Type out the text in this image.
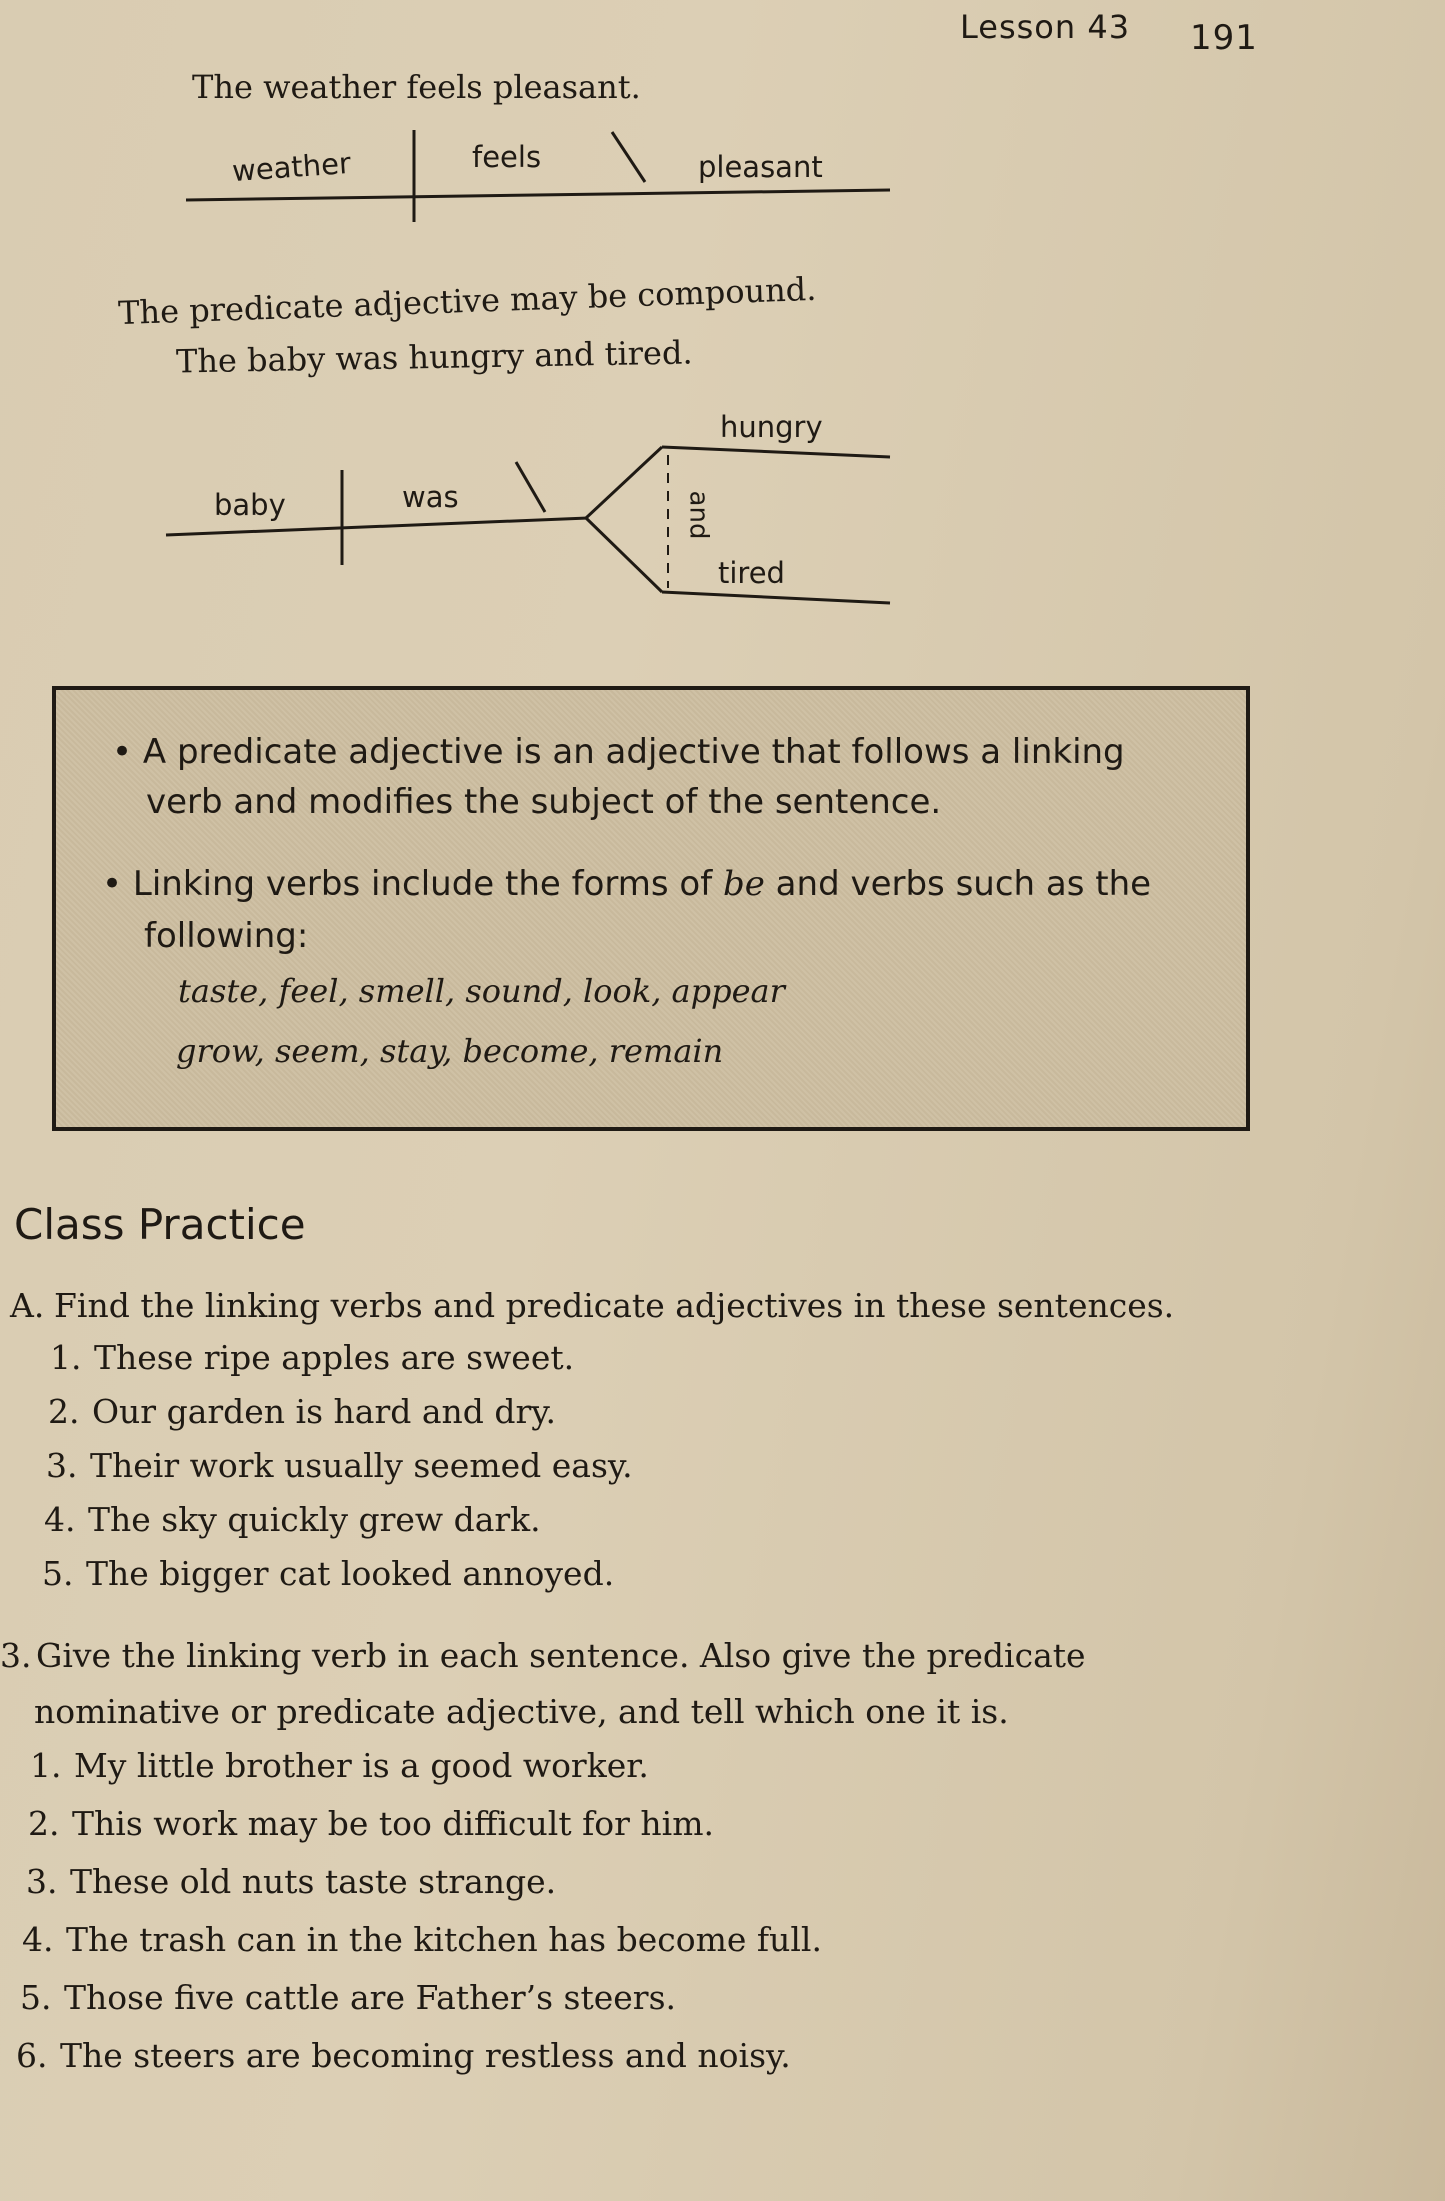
Lesson 43 191
The weather feels pleasant.
weather	feels	pleasant
The predicate adjective may be compound.
The baby was hungry and tired.
baby	was
hungry
and
tired
• A predicate adjective is an adjective that follows a linking
verb and modifies the subject of the sentence.
• Linking verbs include the forms of be and verbs such as the
following:
taste, feel, smell, sound, look, appear
grow, seem, stay, become, remain
Class Practice
A. Find the linking verbs and predicate adjectives in these sentences.
1. These ripe apples are sweet.
2. Our garden is hard and dry.
3. Their work usually seemed easy.
4. The sky quickly grew dark.
5. The bigger cat looked annoyed.
3. Give the linking verb in each sentence. Also give the predicate
nominative or predicate adjective, and tell which one it is.
1. My little brother is a good worker.
2. This work may be too difficult for him.
3. These old nuts taste strange.
4. The trash can in the kitchen has become full.
5. Those five cattle are Father’s steers.
6. The steers are becoming restless and noisy.
